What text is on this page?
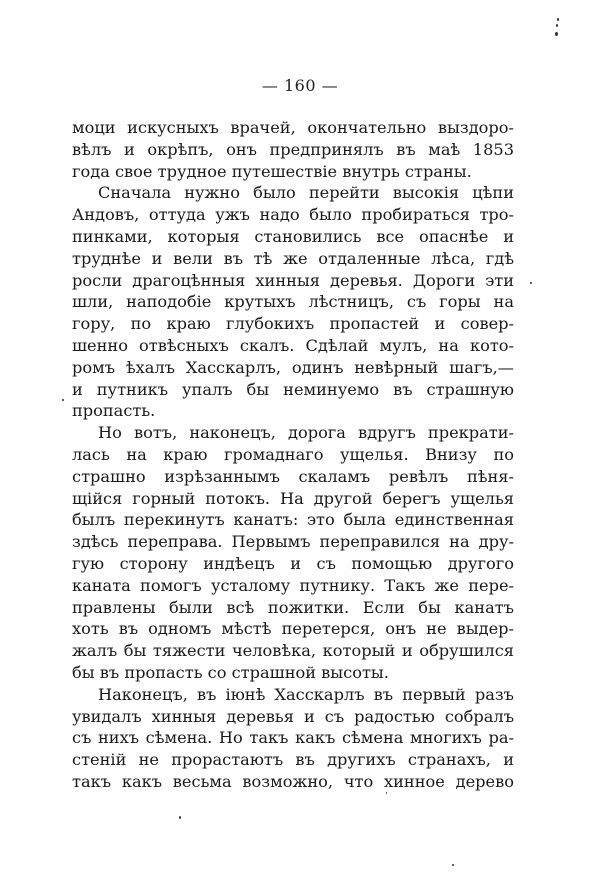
— 160 —
моци искусныхъ врачей, окончательно выздоро-
вѣлъ и окрѣпъ, онъ предпринялъ въ маѣ 1853
года свое трудное путешествіе внутрь страны.
Сначала нужно было перейти высокія цѣпи
Андовъ, оттуда ужъ надо было пробираться тро-
пинками, которыя становились все опаснѣе и
труднѣе и вели въ тѣ же отдаленные лѣса, гдѣ
росли драгоцѣнныя хинныя деревья. Дороги эти
шли, наподобіе крутыхъ лѣстницъ, съ горы на
гору, по краю глубокихъ пропастей и совер-
шенно отвѣсныхъ скалъ. Сдѣлай мулъ, на кото-
ромъ ѣхалъ Хасскарлъ, одинъ невѣрный шагъ,—
и путникъ упалъ бы неминуемо въ страшную
пропасть.
Но вотъ, наконецъ, дорога вдругъ прекрати-
лась на краю громаднаго ущелья. Внизу по
страшно изрѣзаннымъ скаламъ ревѣлъ пѣня-
щійся горный потокъ. На другой берегъ ущелья
былъ перекинутъ канатъ: это была единственная
здѣсь переправа. Первымъ переправился на дру-
гую сторону индѣецъ и съ помощью другого
каната помогъ усталому путнику. Такъ же пере-
правлены были всѣ пожитки. Если бы канатъ
хоть въ одномъ мѣстѣ перетерся, онъ не выдер-
жалъ бы тяжести человѣка, который и обрушился
бы въ пропасть со страшной высоты.
Наконецъ, въ іюнѣ Хасскарлъ въ первый разъ
увидалъ хинныя деревья и съ радостью собралъ
съ нихъ сѣмена. Но такъ какъ сѣмена многихъ ра-
стеній не прорастаютъ въ другихъ странахъ, и
такъ какъ весьма возможно, что хинное дерево
